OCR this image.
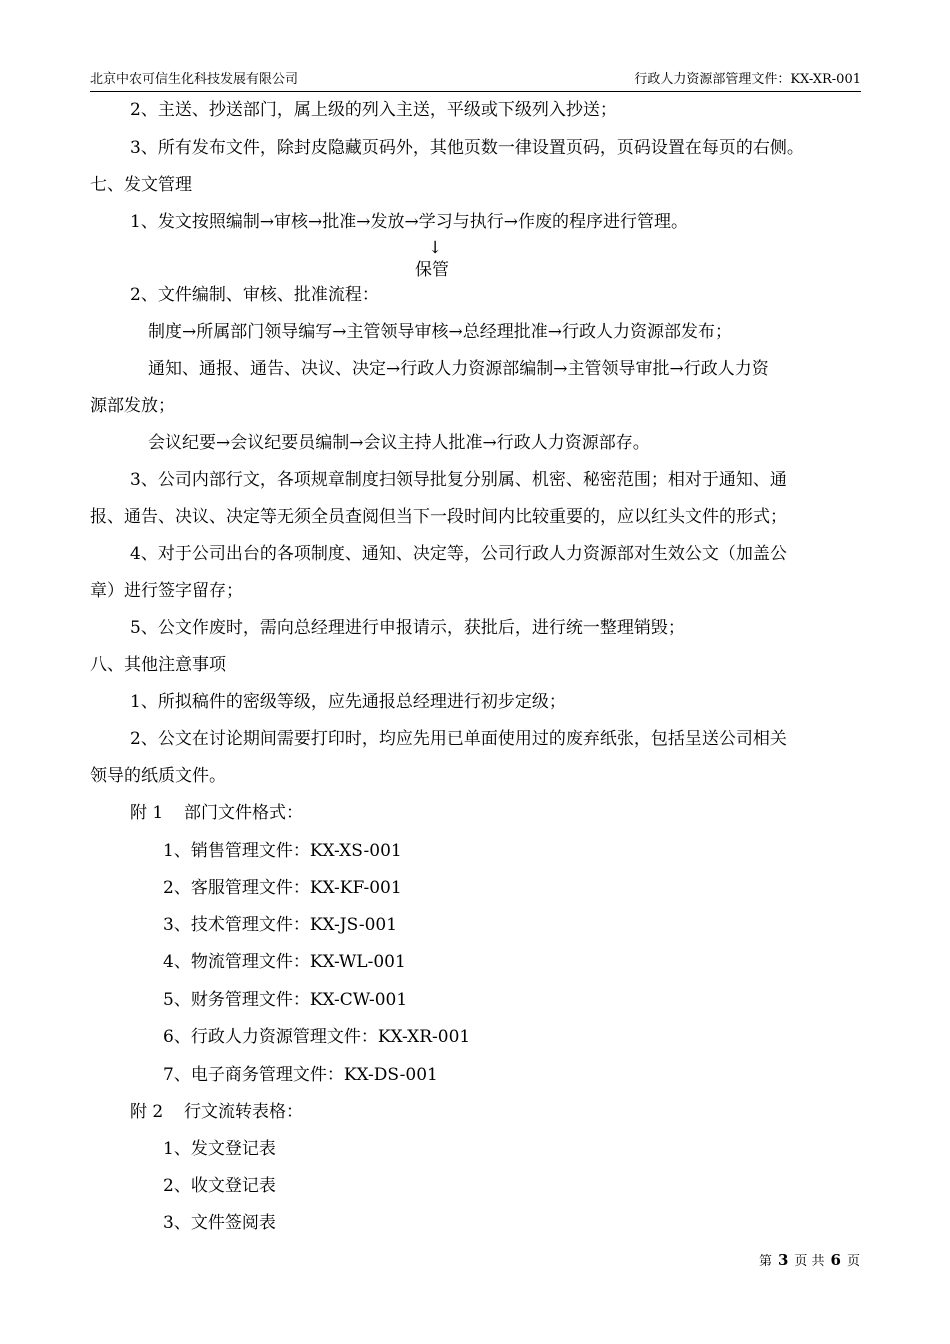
北京中农可信生化科技发展有限公司	行政人力资源部管理文件：KX-XR-001
2、主送、抄送部门，属上级的列入主送，平级或下级列入抄送；
3、所有发布文件，除封皮隐藏页码外，其他页数一律设置页码，页码设置在每页的右侧。
七、发文管理
1、发文按照编制→审核→批准→发放→学习与执行→作废的程序进行管理。
↓
保管
2、文件编制、审核、批准流程：
制度→所属部门领导编写→主管领导审核→总经理批准→行政人力资源部发布；
通知、通报、通告、决议、决定→行政人力资源部编制→主管领导审批→行政人力资
源部发放；
会议纪要→会议纪要员编制→会议主持人批准→行政人力资源部存。
3、公司内部行文，各项规章制度扫领导批复分别属、机密、秘密范围；相对于通知、通
报、通告、决议、决定等无须全员查阅但当下一段时间内比较重要的，应以红头文件的形式；
4、对于公司出台的各项制度、通知、决定等，公司行政人力资源部对生效公文（加盖公
章）进行签字留存；
5、公文作废时，需向总经理进行申报请示，获批后，进行统一整理销毁；
八、其他注意事项
1、所拟稿件的密级等级，应先通报总经理进行初步定级；
2、公文在讨论期间需要打印时，均应先用已单面使用过的废弃纸张，包括呈送公司相关
领导的纸质文件。
附 1 部门文件格式：
1、销售管理文件：KX-XS-001
2、客服管理文件：KX-KF-001
3、技术管理文件：KX-JS-001
4、物流管理文件：KX-WL-001
5、财务管理文件：KX-CW-001
6、行政人力资源管理文件：KX-XR-001
7、电子商务管理文件：KX-DS-001
附 2 行文流转表格：
1、发文登记表
2、收文登记表
3、文件签阅表
第 3 页 共 6 页
